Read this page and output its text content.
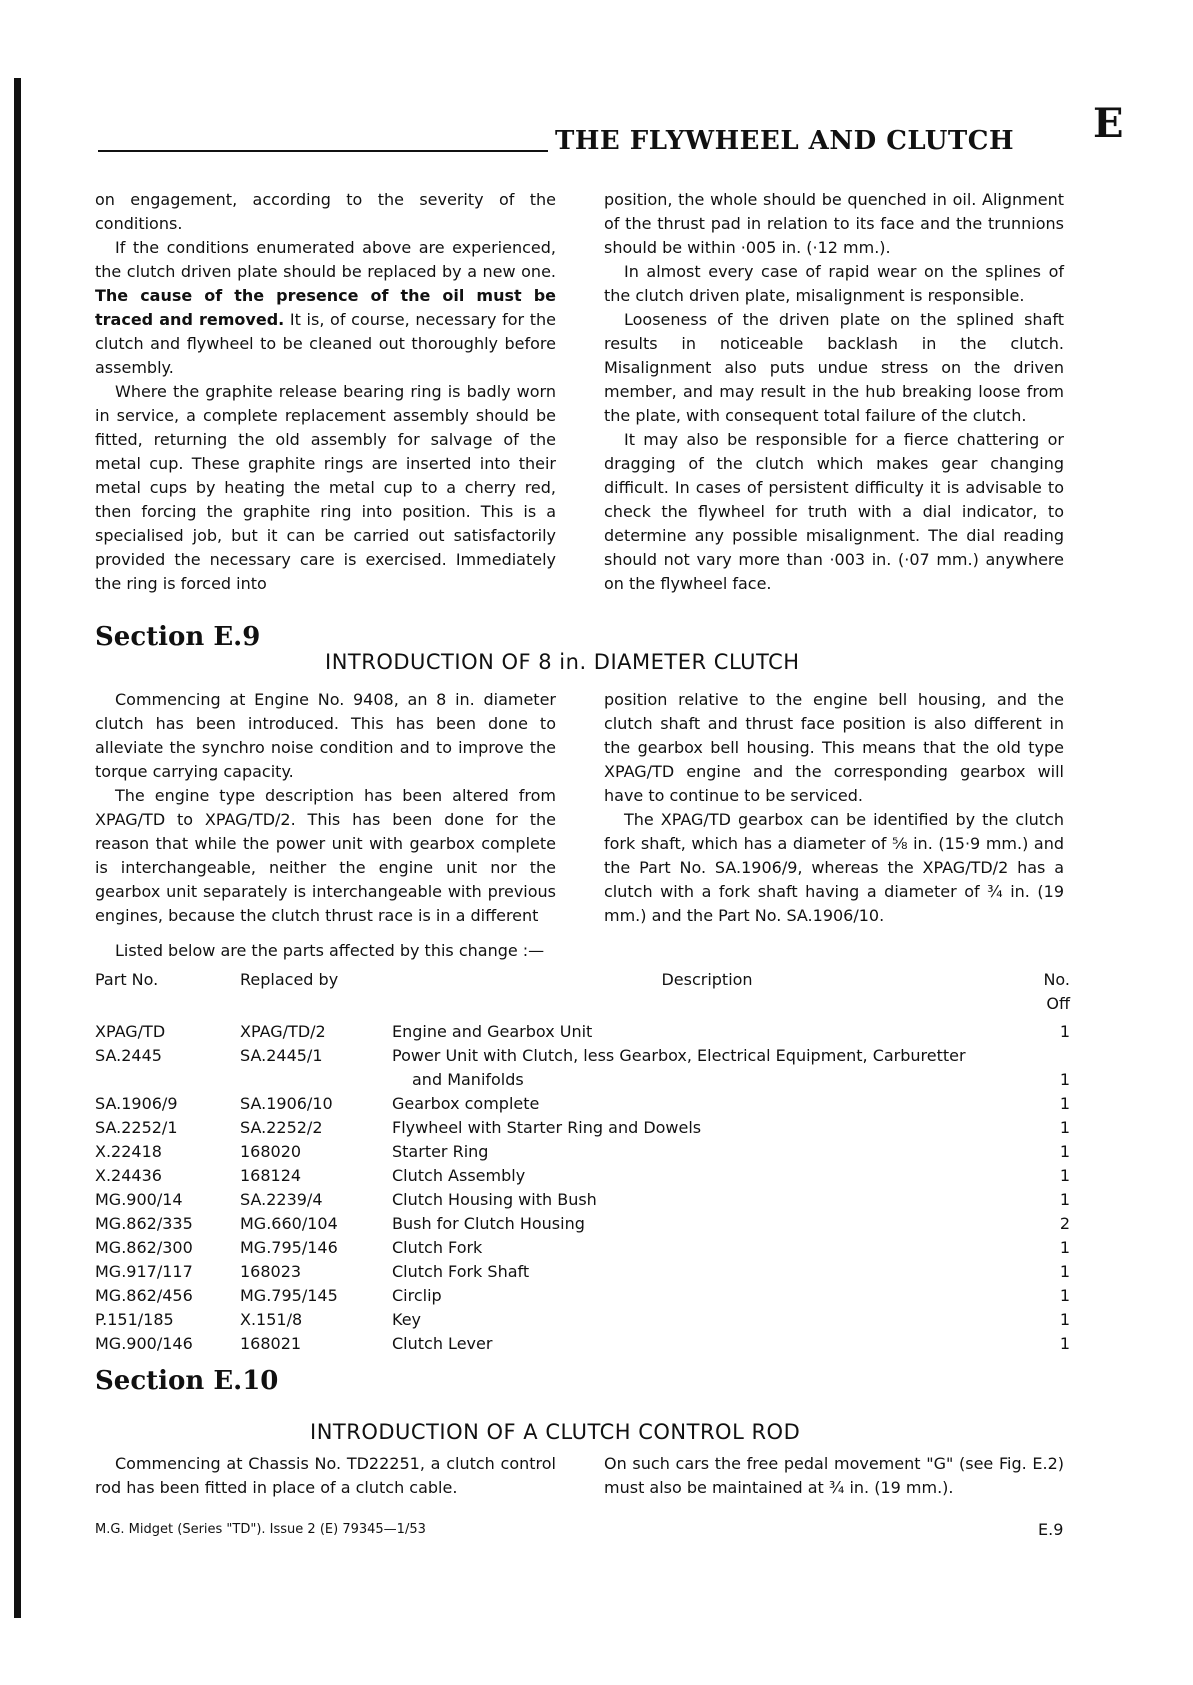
THE FLYWHEEL AND CLUTCH E

on engagement, according to the severity of the conditions.

If the conditions enumerated above are experienced, the clutch driven plate should be replaced by a new one. The cause of the presence of the oil must be traced and removed. It is, of course, necessary for the clutch and flywheel to be cleaned out thoroughly before assembly.

Where the graphite release bearing ring is badly worn in service, a complete replacement assembly should be fitted, returning the old assembly for salvage of the metal cup. These graphite rings are inserted into their metal cups by heating the metal cup to a cherry red, then forcing the graphite ring into position. This is a specialised job, but it can be carried out satisfactorily provided the necessary care is exercised. Immediately the ring is forced into

position, the whole should be quenched in oil. Alignment of the thrust pad in relation to its face and the trunnions should be within ·005 in. (·12 mm.).

In almost every case of rapid wear on the splines of the clutch driven plate, misalignment is responsible.

Looseness of the driven plate on the splined shaft results in noticeable backlash in the clutch. Misalignment also puts undue stress on the driven member, and may result in the hub breaking loose from the plate, with consequent total failure of the clutch.

It may also be responsible for a fierce chattering or dragging of the clutch which makes gear changing difficult. In cases of persistent difficulty it is advisable to check the flywheel for truth with a dial indicator, to determine any possible misalignment. The dial reading should not vary more than ·003 in. (·07 mm.) anywhere on the flywheel face.

Section E.9
INTRODUCTION OF 8 in. DIAMETER CLUTCH

Commencing at Engine No. 9408, an 8 in. diameter clutch has been introduced. This has been done to alleviate the synchro noise condition and to improve the torque carrying capacity.

The engine type description has been altered from XPAG/TD to XPAG/TD/2. This has been done for the reason that while the power unit with gearbox complete is interchangeable, neither the engine unit nor the gearbox unit separately is interchangeable with previous engines, because the clutch thrust race is in a different

position relative to the engine bell housing, and the clutch shaft and thrust face position is also different in the gearbox bell housing. This means that the old type XPAG/TD engine and the corresponding gearbox will have to continue to be serviced.

The XPAG/TD gearbox can be identified by the clutch fork shaft, which has a diameter of ⅝ in. (15·9 mm.) and the Part No. SA.1906/9, whereas the XPAG/TD/2 has a clutch with a fork shaft having a diameter of ¾ in. (19 mm.) and the Part No. SA.1906/10.

Listed below are the parts affected by this change :—
Part No.	Replaced by	Description	No. Off
XPAG/TD	XPAG/TD/2	Engine and Gearbox Unit	1
SA.2445	SA.2445/1	Power Unit with Clutch, less Gearbox, Electrical Equipment, Carburetter
and Manifolds	1
SA.1906/9	SA.1906/10	Gearbox complete	1
SA.2252/1	SA.2252/2	Flywheel with Starter Ring and Dowels	1
X.22418	168020	Starter Ring	1
X.24436	168124	Clutch Assembly	1
MG.900/14	SA.2239/4	Clutch Housing with Bush	1
MG.862/335	MG.660/104	Bush for Clutch Housing	2
MG.862/300	MG.795/146	Clutch Fork	1
MG.917/117	168023	Clutch Fork Shaft	1
MG.862/456	MG.795/145	Circlip	1
P.151/185	X.151/8	Key	1
MG.900/146	168021	Clutch Lever	1
Section E.10
INTRODUCTION OF A CLUTCH CONTROL ROD

Commencing at Chassis No. TD22251, a clutch control rod has been fitted in place of a clutch cable.

On such cars the free pedal movement "G" (see Fig. E.2) must also be maintained at ¾ in. (19 mm.).

M.G. Midget (Series "TD"). Issue 2 (E) 79345—1/53	E.9
